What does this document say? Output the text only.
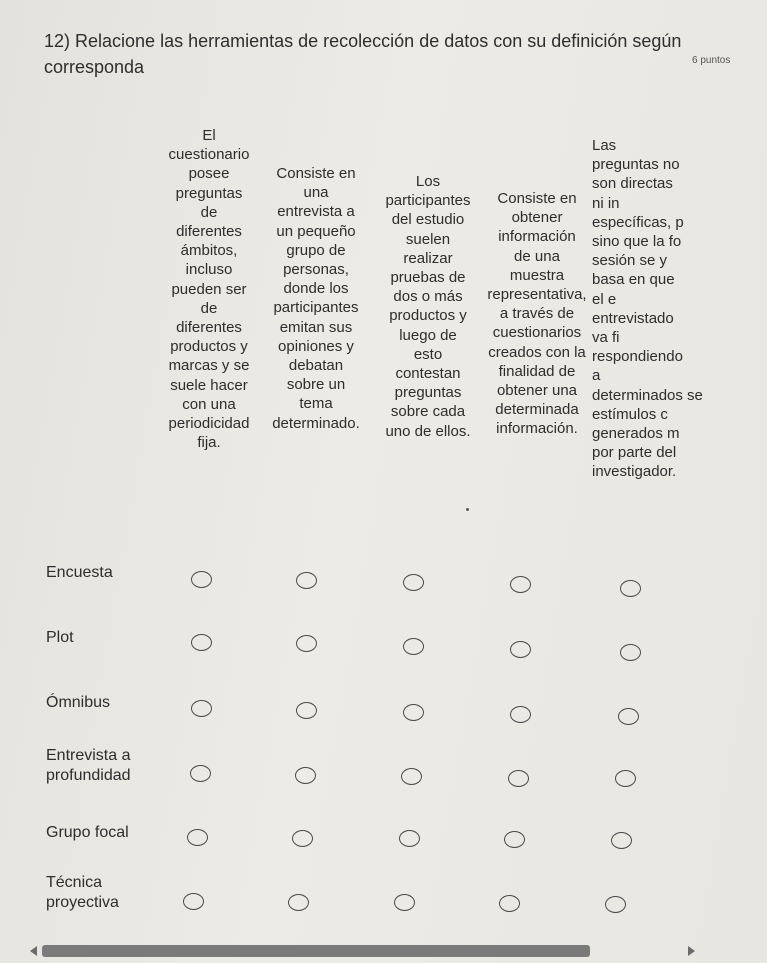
12) Relacione las herramientas de recolección de datos con su definición según corresponda	6 puntos
El
cuestionario
posee
preguntas
de
diferentes
ámbitos,
incluso
pueden ser
de
diferentes
productos y
marcas y se
suele hacer
con una
periodicidad
fija.
Consiste en
una
entrevista a
un pequeño
grupo de
personas,
donde los
participantes
emitan sus
opiniones y
debatan
sobre un
tema
determinado.
Los
participantes
del estudio
suelen
realizar
pruebas de
dos o más
productos y
luego de
esto
contestan
preguntas
sobre cada
uno de ellos.
Consiste en
obtener
información
de una
muestra
representativa,
a través de
cuestionarios
creados con la
finalidad de
obtener una
determinada
información.
Las
preguntas no
son directas
ni in
específicas, p
sino que la fo
sesión se y
basa en que
el e
entrevistado
va fi
respondiendo
a
determinados se
estímulos c
generados m
por parte del
investigador.
Encuesta
Plot
Ómnibus
Entrevista a
profundidad
Grupo focal
Técnica
proyectiva
